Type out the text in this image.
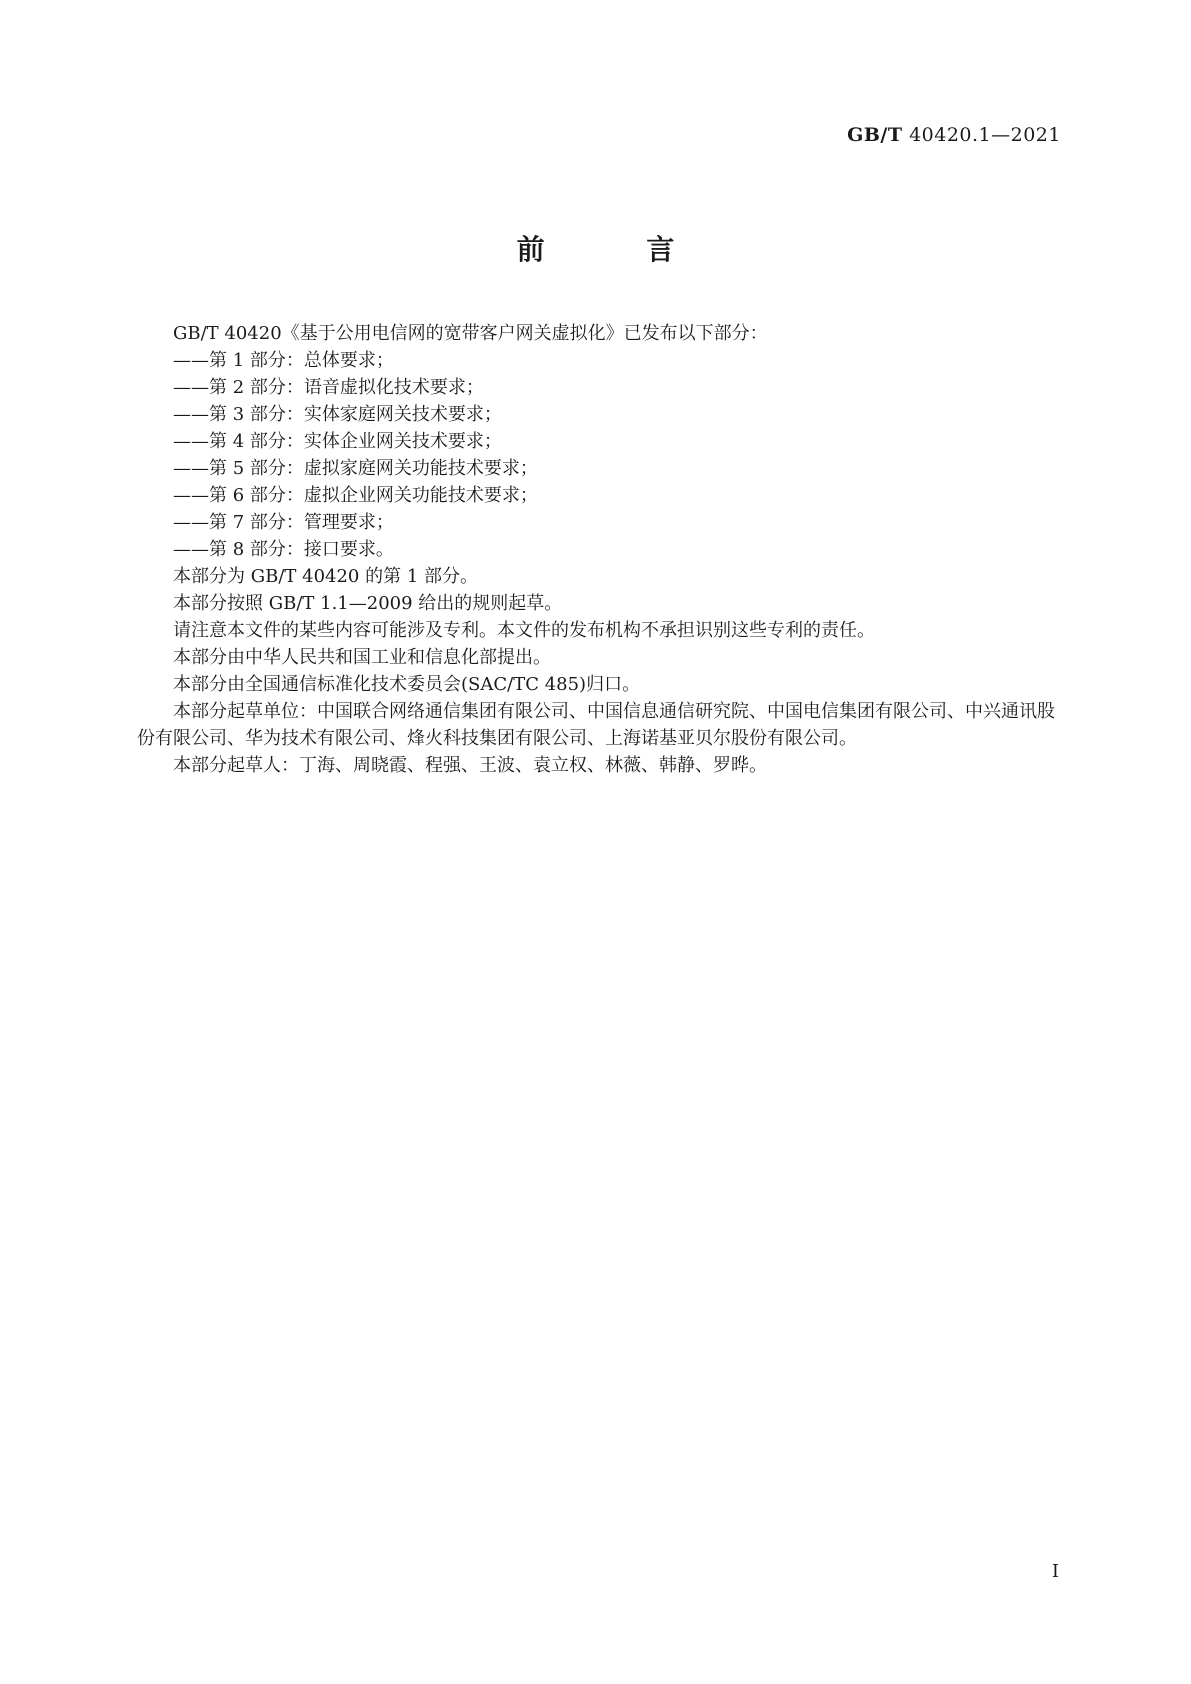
GB/T 40420.1—2021
前 言

GB/T 40420《基于公用电信网的宽带客户网关虚拟化》已发布以下部分：

——第 1 部分：总体要求；

——第 2 部分：语音虚拟化技术要求；

——第 3 部分：实体家庭网关技术要求；

——第 4 部分：实体企业网关技术要求；

——第 5 部分：虚拟家庭网关功能技术要求；

——第 6 部分：虚拟企业网关功能技术要求；

——第 7 部分：管理要求；

——第 8 部分：接口要求。

本部分为 GB/T 40420 的第 1 部分。

本部分按照 GB/T 1.1—2009 给出的规则起草。

请注意本文件的某些内容可能涉及专利。本文件的发布机构不承担识别这些专利的责任。

本部分由中华人民共和国工业和信息化部提出。

本部分由全国通信标准化技术委员会(SAC/TC 485)归口。

本部分起草单位：中国联合网络通信集团有限公司、中国信息通信研究院、中国电信集团有限公司、中兴通讯股份有限公司、华为技术有限公司、烽火科技集团有限公司、上海诺基亚贝尔股份有限公司。

本部分起草人：丁海、周晓霞、程强、王波、袁立权、林薇、韩静、罗晔。

I
